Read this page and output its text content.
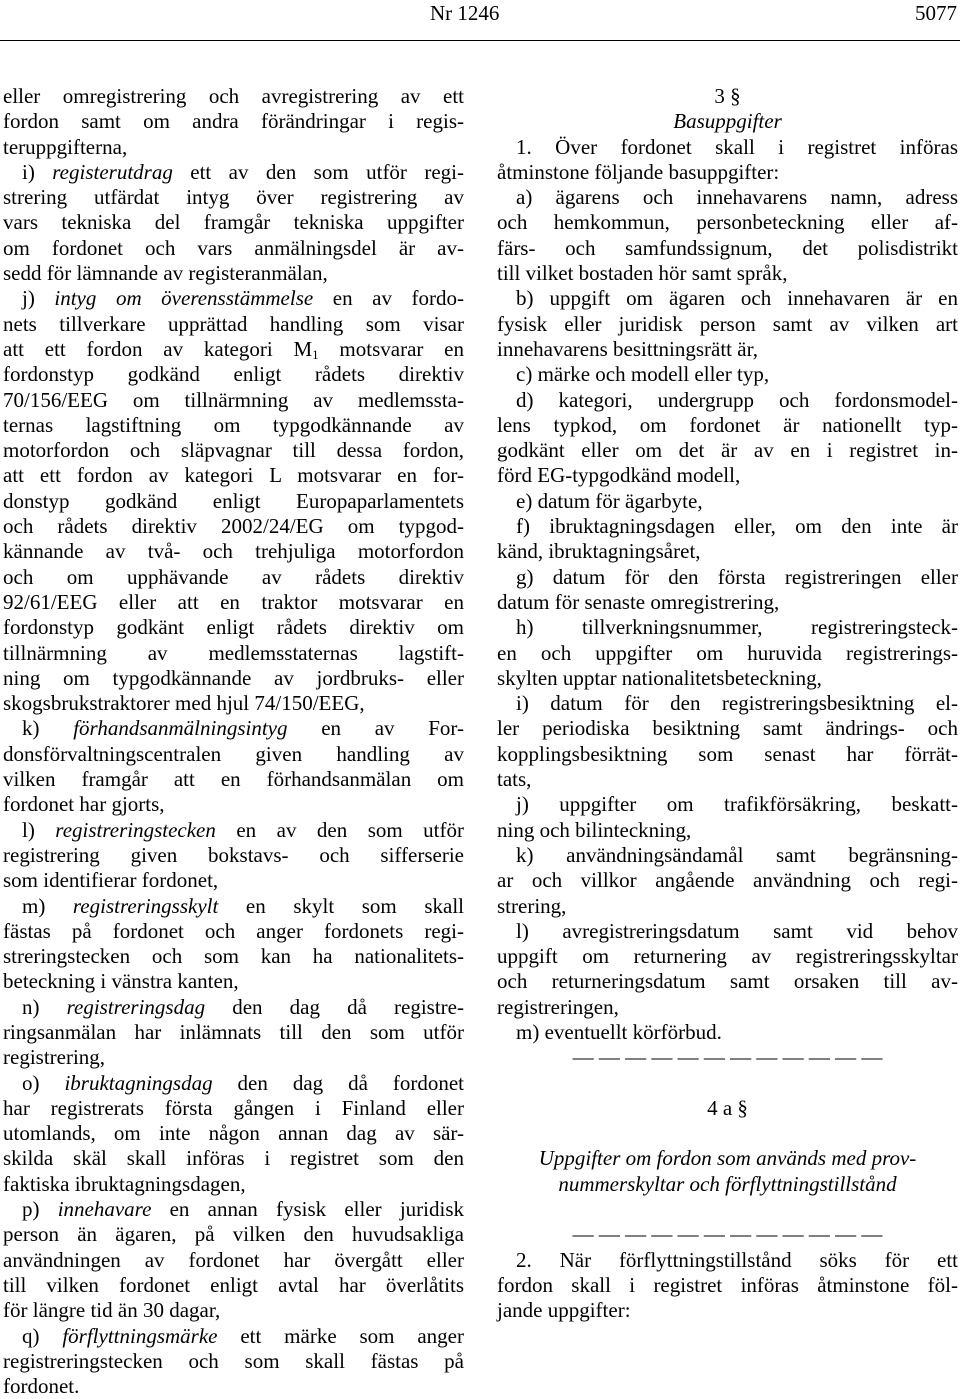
Nr 1246	5077
eller omregistrering och avregistrering av ett
fordon samt om andra förändringar i regis-
teruppgifterna,
i) registerutdrag ett av den som utför regi-
strering utfärdat intyg över registrering av
vars tekniska del framgår tekniska uppgifter
om fordonet och vars anmälningsdel är av-
sedd för lämnande av registeranmälan,
j) intyg om överensstämmelse en av fordo-
nets tillverkare upprättad handling som visar
att ett fordon av kategori $M_1$ motsvarar en
fordonstyp godkänd enligt rådets direktiv
70/156/EEG om tillnärmning av medlemssta-
ternas lagstiftning om typgodkännande av
motorfordon och släpvagnar till dessa fordon,
att ett fordon av kategori L motsvarar en for-
donstyp godkänd enligt Europaparlamentets
och rådets direktiv 2002/24/EG om typgod-
kännande av två- och trehjuliga motorfordon
och om upphävande av rådets direktiv
92/61/EEG eller att en traktor motsvarar en
fordonstyp godkänt enligt rådets direktiv om
tillnärmning av medlemsstaternas lagstift-
ning om typgodkännande av jordbruks- eller
skogsbrukstraktorer med hjul 74/150/EEG,
k) förhandsanmälningsintyg en av For-
donsförvaltningscentralen given handling av
vilken framgår att en förhandsanmälan om
fordonet har gjorts,
l) registreringstecken en av den som utför
registrering given bokstavs- och sifferserie
som identifierar fordonet,
m) registreringsskylt en skylt som skall
fästas på fordonet och anger fordonets regi-
streringstecken och som kan ha nationalitets-
beteckning i vänstra kanten,
n) registreringsdag den dag då registre-
ringsanmälan har inlämnats till den som utför
registrering,
o) ibruktagningsdag den dag då fordonet
har registrerats första gången i Finland eller
utomlands, om inte någon annan dag av sär-
skilda skäl skall införas i registret som den
faktiska ibruktagningsdagen,
p) innehavare en annan fysisk eller juridisk
person än ägaren, på vilken den huvudsakliga
användningen av fordonet har övergått eller
till vilken fordonet enligt avtal har överlåtits
för längre tid än 30 dagar,
q) förflyttningsmärke ett märke som anger
registreringstecken och som skall fästas på
fordonet.
3 §
Basuppgifter
1. Över fordonet skall i registret införas
åtminstone följande basuppgifter:
a) ägarens och innehavarens namn, adress
och hemkommun, personbeteckning eller af-
färs- och samfundssignum, det polisdistrikt
till vilket bostaden hör samt språk,
b) uppgift om ägaren och innehavaren är en
fysisk eller juridisk person samt av vilken art
innehavarens besittningsrätt är,
c) märke och modell eller typ,
d) kategori, undergrupp och fordonsmodel-
lens typkod, om fordonet är nationellt typ-
godkänt eller om det är av en i registret in-
förd EG-typgodkänd modell,
e) datum för ägarbyte,
f) ibruktagningsdagen eller, om den inte är
känd, ibruktagningsåret,
g) datum för den första registreringen eller
datum för senaste omregistrering,
h) tillverkningsnummer, registreringsteck-
en och uppgifter om huruvida registrerings-
skylten upptar nationalitetsbeteckning,
i) datum för den registreringsbesiktning el-
ler periodiska besiktning samt ändrings- och
kopplingsbesiktning som senast har förrät-
tats,
j) uppgifter om trafikförsäkring, beskatt-
ning och bilinteckning,
k) användningsändamål samt begränsning-
ar och villkor angående användning och regi-
strering,
l) avregistreringsdatum samt vid behov
uppgift om returnering av registreringsskyltar
och returneringsdatum samt orsaken till av-
registreringen,
m) eventuellt körförbud.
— — — — — — — — — — — —
4 a §
Uppgifter om fordon som används med prov-
nummerskyltar och förflyttningstillstånd
— — — — — — — — — — — —
2. När förflyttningstillstånd söks för ett
fordon skall i registret införas åtminstone föl-
jande uppgifter:
